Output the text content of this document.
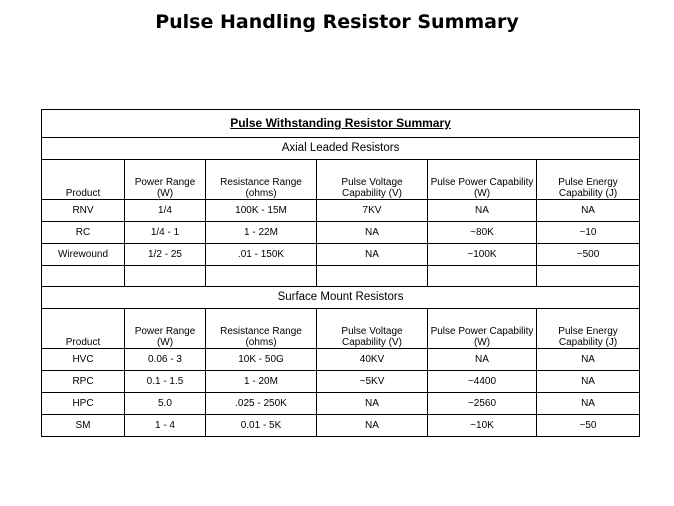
Pulse Handling Resistor Summary
Pulse Withstanding Resistor Summary					
Axial Leaded Resistors					
Product	Power Range (W)	Resistance Range (ohms)	Pulse Voltage Capability (V)	Pulse Power Capability (W)	Pulse Energy Capability (J)
RNV	1/4	100K - 15M	7KV	NA	NA
RC	1/4 - 1	1 - 22M	NA	~80K	~10
Wirewound	1/2 - 25	.01 - 150K	NA	~100K	~500

Surface Mount Resistors					
Product	Power Range (W)	Resistance Range (ohms)	Pulse Voltage Capability (V)	Pulse Power Capability (W)	Pulse Energy Capability (J)
HVC	0.06 - 3	10K - 50G	40KV	NA	NA
RPC	0.1 - 1.5	1 - 20M	~5KV	~4400	NA
HPC	5.0	.025 - 250K	NA	~2560	NA
SM	1 - 4	0.01 - 5K	NA	~10K	~50
